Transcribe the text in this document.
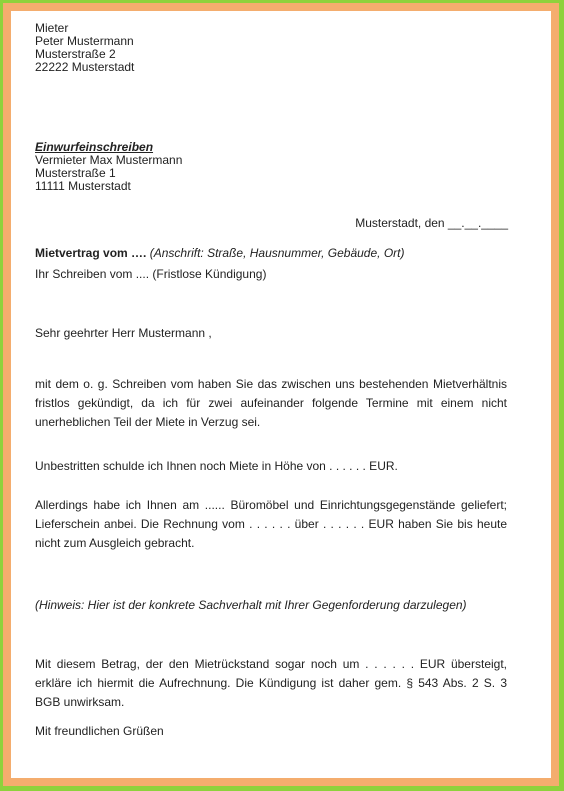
Mieter
Peter Mustermann
Musterstraße 2
22222 Musterstadt
Einwurfeinschreiben
Vermieter Max Mustermann
Musterstraße 1
11111 Musterstadt
Musterstadt, den __.__.____
Mietvertrag vom …. (Anschrift: Straße, Hausnummer, Gebäude, Ort)
Ihr Schreiben vom .... (Fristlose Kündigung)
Sehr geehrter Herr Mustermann ,
mit dem o. g. Schreiben vom haben Sie das zwischen uns bestehenden Mietverhältnis fristlos gekündigt, da ich für zwei aufeinander folgende Termine mit einem nicht unerheblichen Teil der Miete in Verzug sei.
Unbestritten schulde ich Ihnen noch Miete in Höhe von . . . . . . EUR.
Allerdings habe ich Ihnen am ...... Büromöbel und Einrichtungsgegenstände geliefert; Lieferschein anbei. Die Rechnung vom . . . . . . über . . . . . . EUR haben Sie bis heute nicht zum Ausgleich gebracht.
(Hinweis: Hier ist der konkrete Sachverhalt mit Ihrer Gegenforderung darzulegen)
Mit diesem Betrag, der den Mietrückstand sogar noch um . . . . . . EUR übersteigt, erkläre ich hiermit die Aufrechnung. Die Kündigung ist daher gem. § 543 Abs. 2 S. 3 BGB unwirksam.
Mit freundlichen Grüßen
